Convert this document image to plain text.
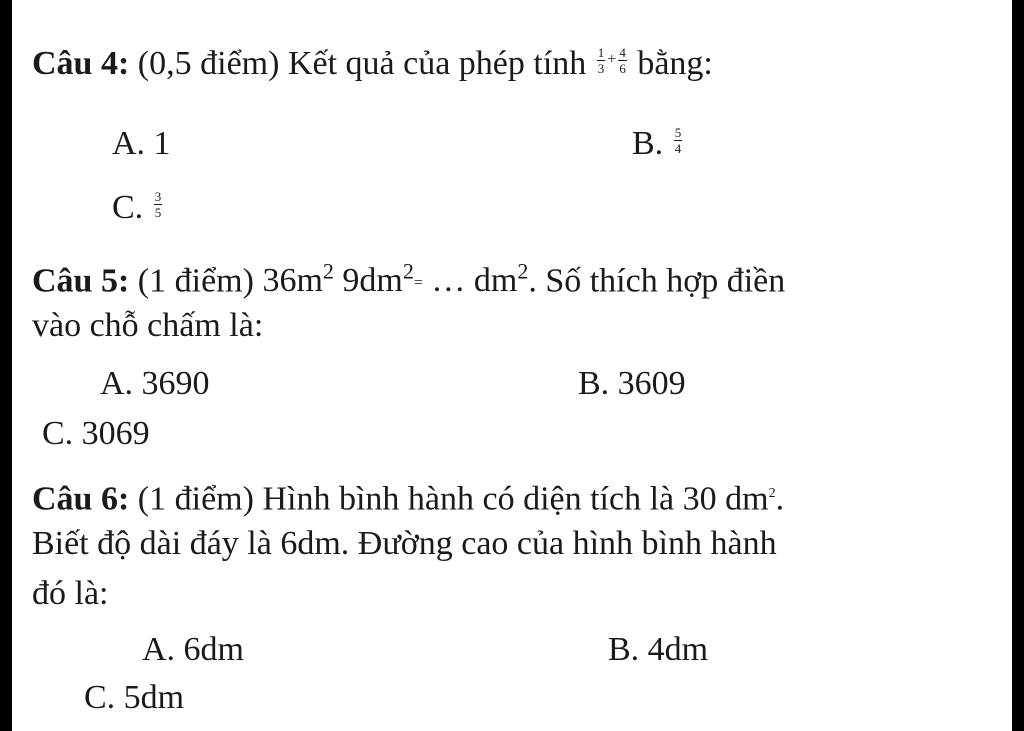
Câu 4: (0,5 điểm) Kết quả của phép tính $\frac{1}{3} + \frac{4}{6}$ bằng:
A. 1	B. $\frac{5}{4}$
C. $\frac{3}{5}$
Câu 5: (1 điểm) $36m^2$ $9dm^2=$ … $dm^2$. Số thích hợp điền
vào chỗ chấm là:
A. 3690	B. 3609
C. 3069
Câu 6: (1 điểm) Hình bình hành có diện tích là 30 $dm^2$.
Biết độ dài đáy là 6dm. Đường cao của hình bình hành
đó là:
A. 6dm	B. 4dm
C. 5dm
